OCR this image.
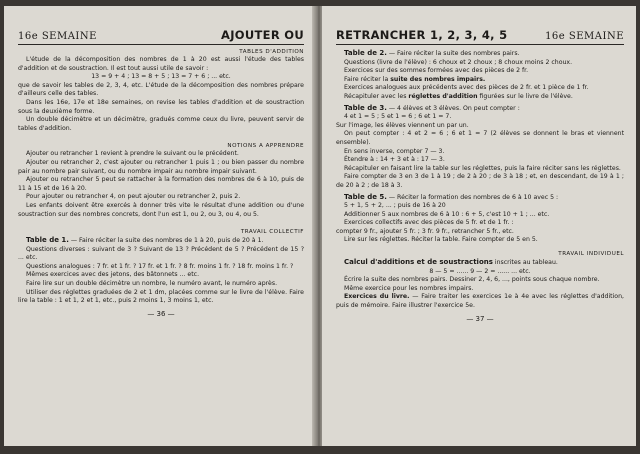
16e SEMAINE	AJOUTER OU
TABLES D'ADDITION

L'étude de la décomposition des nombres de 1 à 20 est aussi l'étude des tables d'addition et de soustraction. Il est tout aussi utile de savoir :

13 = 9 + 4 ; 13 = 8 + 5 ; 13 = 7 + 6 ; ... etc.

que de savoir les tables de 2, 3, 4, etc. L'étude de la décomposition des nombres prépare d'ailleurs celle des tables.

Dans les 16e, 17e et 18e semaines, on revise les tables d'addition et de soustraction sous la deuxième forme.

Un double décimètre et un décimètre, gradués comme ceux du livre, peuvent servir de tables d'addition.

NOTIONS A APPRENDRE

Ajouter ou retrancher 1 revient à prendre le suivant ou le précédent.

Ajouter ou retrancher 2, c'est ajouter ou retrancher 1 puis 1 ; ou bien passer du nombre pair au nombre pair suivant, ou du nombre impair au nombre impair suivant.

Ajouter ou retrancher 5 peut se rattacher à la formation des nombres de 6 à 10, puis de 11 à 15 et de 16 à 20.

Pour ajouter ou retrancher 4, on peut ajouter ou retrancher 2, puis 2.

Les enfants doivent être exercés à donner très vite le résultat d'une addition ou d'une soustraction sur des nombres concrets, dont l'un est 1, ou 2, ou 3, ou 4, ou 5.

TRAVAIL COLLECTIF

Table de 1. — Faire réciter la suite des nombres de 1 à 20, puis de 20 à 1.

Questions diverses : suivant de 3 ? Suivant de 13 ? Précédent de 5 ? Précédent de 15 ? ... etc.

Questions analogues : 7 fr. et 1 fr. ? 17 fr. et 1 fr. ? 8 fr. moins 1 fr. ? 18 fr. moins 1 fr. ?

Mêmes exercices avec des jetons, des bâtonnets ... etc.

Faire lire sur un double décimètre un nombre, le numéro avant, le numéro après.

Utiliser des réglettes graduées de 2 et 1 dm, placées comme sur le livre de l'élève. Faire lire la table : 1 et 1, 2 et 1, etc., puis 2 moins 1, 3 moins 1, etc.

— 36 —
RETRANCHER 1, 2, 3, 4, 5	16e SEMAINE

Table de 2. — Faire réciter la suite des nombres pairs.

Questions (livre de l'élève) : 6 choux et 2 choux ; 8 choux moins 2 choux.

Exercices sur des sommes formées avec des pièces de 2 fr.

Faire réciter la suite des nombres impairs.

Exercices analogues aux précédents avec des pièces de 2 fr. et 1 pièce de 1 fr.

Récapituler avec les réglettes d'addition figurées sur le livre de l'élève.

Table de 3. — 4 élèves et 3 élèves. On peut compter :

4 et 1 = 5 ; 5 et 1 = 6 ; 6 et 1 = 7.

Sur l'image, les élèves viennent un par un.

On peut compter : 4 et 2 = 6 ; 6 et 1 = 7 (2 élèves se donnent le bras et viennent ensemble).

En sens inverse, compter 7 — 3.

Étendre à : 14 + 3 et à : 17 — 3.

Récapituler en faisant lire la table sur les réglettes, puis la faire réciter sans les réglettes.

Faire compter de 3 en 3 de 1 à 19 ; de 2 à 20 ; de 3 à 18 ; et, en descendant, de 19 à 1 ; de 20 à 2 ; de 18 à 3.

Table de 5. — Réciter la formation des nombres de 6 à 10 avec 5 :

5 + 1, 5 + 2, ... ; puis de 16 à 20

Additionner 5 aux nombres de 6 à 10 : 6 + 5, c'est 10 + 1 ; ... etc.

Exercices collectifs avec des pièces de 5 fr. et de 1 fr. :

compter 9 fr., ajouter 5 fr. ; 3 fr. 9 fr., retrancher 5 fr., etc.

Lire sur les réglettes. Réciter la table. Faire compter de 5 en 5.

TRAVAIL INDIVIDUEL

Calcul d'additions et de soustractions inscrites au tableau.

8 — 5 = ...... 9 — 2 = ...... ... etc.

Écrire la suite des nombres pairs. Dessiner 2, 4, 6, ..., points sous chaque nombre.

Même exercice pour les nombres impairs.

Exercices du livre. — Faire traiter les exercices 1e à 4e avec les réglettes d'addition, puis de mémoire. Faire illustrer l'exercice 5e.

— 37 —
